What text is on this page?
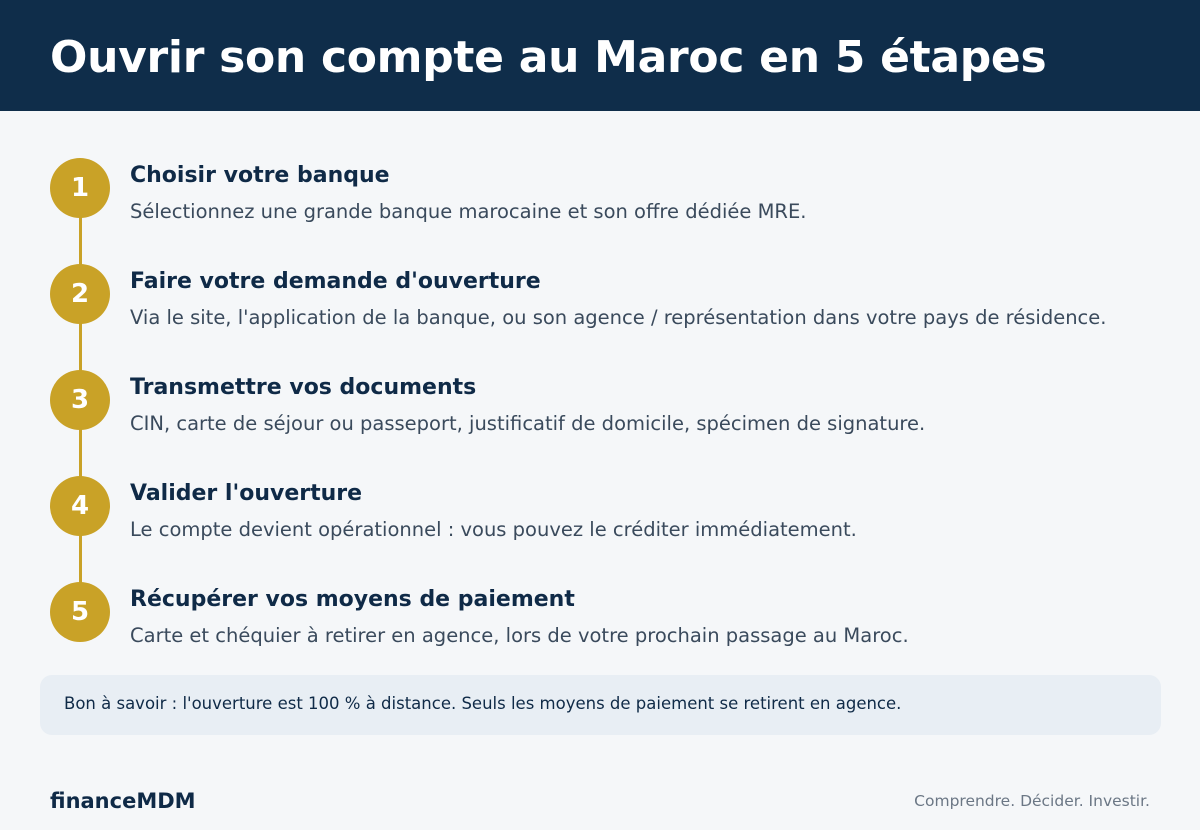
Ouvrir son compte au Maroc en 5 étapes
1	Choisir votre banque
Sélectionnez une grande banque marocaine et son offre dédiée MRE.
2	Faire votre demande d'ouverture
Via le site, l'application de la banque, ou son agence / représentation dans votre pays de résidence.
3	Transmettre vos documents
CIN, carte de séjour ou passeport, justificatif de domicile, spécimen de signature.
4	Valider l'ouverture
Le compte devient opérationnel : vous pouvez le créditer immédiatement.
5	Récupérer vos moyens de paiement
Carte et chéquier à retirer en agence, lors de votre prochain passage au Maroc.
Bon à savoir : l'ouverture est 100 % à distance. Seuls les moyens de paiement se retirent en agence.
financeMDM	Comprendre. Décider. Investir.
